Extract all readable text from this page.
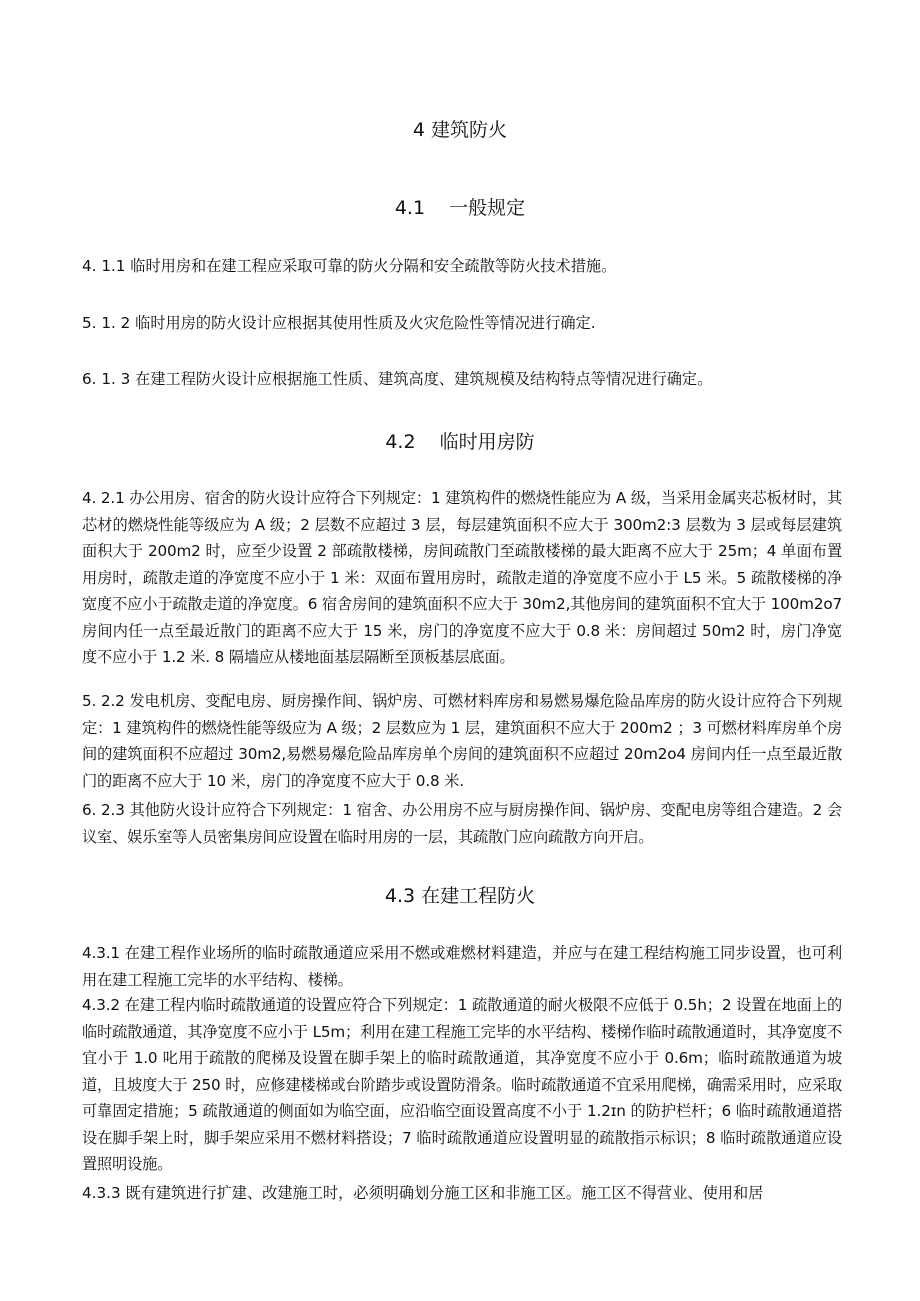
4 建筑防火
4.1    一般规定

4. 1.1 临时用房和在建工程应采取可靠的防火分隔和安全疏散等防火技术措施。

5. 1. 2 临时用房的防火设计应根据其使用性质及火灾危险性等情况进行确定.

6. 1. 3 在建工程防火设计应根据施工性质、建筑高度、建筑规模及结构特点等情况进行确定。

4.2    临时用房防

4. 2.1 办公用房、宿舍的防火设计应符合下列规定：1 建筑构件的燃烧性能应为 A 级，当采用金属夹芯板材时，其芯材的燃烧性能等级应为 A 级；2 层数不应超过 3 层，每层建筑面积不应大于 300m2:3 层数为 3 层或每层建筑面积大于 200m2 时，应至少设置 2 部疏散楼梯，房间疏散门至疏散楼梯的最大距离不应大于 25m；4 单面布置用房时，疏散走道的净宽度不应小于 1 米：双面布置用房时，疏散走道的净宽度不应小于 L5 米。5 疏散楼梯的净宽度不应小于疏散走道的净宽度。6 宿舍房间的建筑面积不应大于 30m2,其他房间的建筑面积不宜大于 100m2o7 房间内任一点至最近散门的距离不应大于 15 米，房门的净宽度不应大于 0.8 米：房间超过 50m2 时，房门净宽度不应小于 1.2 米. 8 隔墙应从楼地面基层隔断至顶板基层底面。

5. 2.2 发电机房、变配电房、厨房操作间、锅炉房、可燃材料库房和易燃易爆危险品库房的防火设计应符合下列规定：1 建筑构件的燃烧性能等级应为 A 级；2 层数应为 1 层，建筑面积不应大于 200m2 ；3 可燃材料库房单个房间的建筑面积不应超过 30m2,易燃易爆危险品库房单个房间的建筑面积不应超过 20m2o4 房间内任一点至最近散门的距离不应大于 10 米，房门的净宽度不应大于 0.8 米.

6. 2.3 其他防火设计应符合下列规定：1 宿舍、办公用房不应与厨房操作间、锅炉房、变配电房等组合建造。2 会议室、娱乐室等人员密集房间应设置在临时用房的一层，其疏散门应向疏散方向开启。

4.3 在建工程防火

4.3.1 在建工程作业场所的临时疏散通道应采用不燃或难燃材料建造，并应与在建工程结构施工同步设置，也可利用在建工程施工完毕的水平结构、楼梯。

4.3.2 在建工程内临时疏散通道的设置应符合下列规定：1 疏散通道的耐火极限不应低于 0.5h；2 设置在地面上的临时疏散通道，其净宽度不应小于 L5m；利用在建工程施工完毕的水平结构、楼梯作临时疏散通道时，其净宽度不宜小于 1.0 叱用于疏散的爬梯及设置在脚手架上的临时疏散通道，其净宽度不应小于 0.6m；临时疏散通道为坡道，且坡度大于 250 时，应修建楼梯或台阶踏步或设置防滑条。临时疏散通道不宜采用爬梯，确需采用时，应采取可靠固定措施；5 疏散通道的侧面如为临空面，应沿临空面设置高度不小于 1.2ɪn 的防护栏杆；6 临时疏散通道搭设在脚手架上时，脚手架应采用不燃材料搭设；7 临时疏散通道应设置明显的疏散指示标识；8 临时疏散通道应设置照明设施。

4.3.3 既有建筑进行扩建、改建施工时，必须明确划分施工区和非施工区。施工区不得营业、使用和居
